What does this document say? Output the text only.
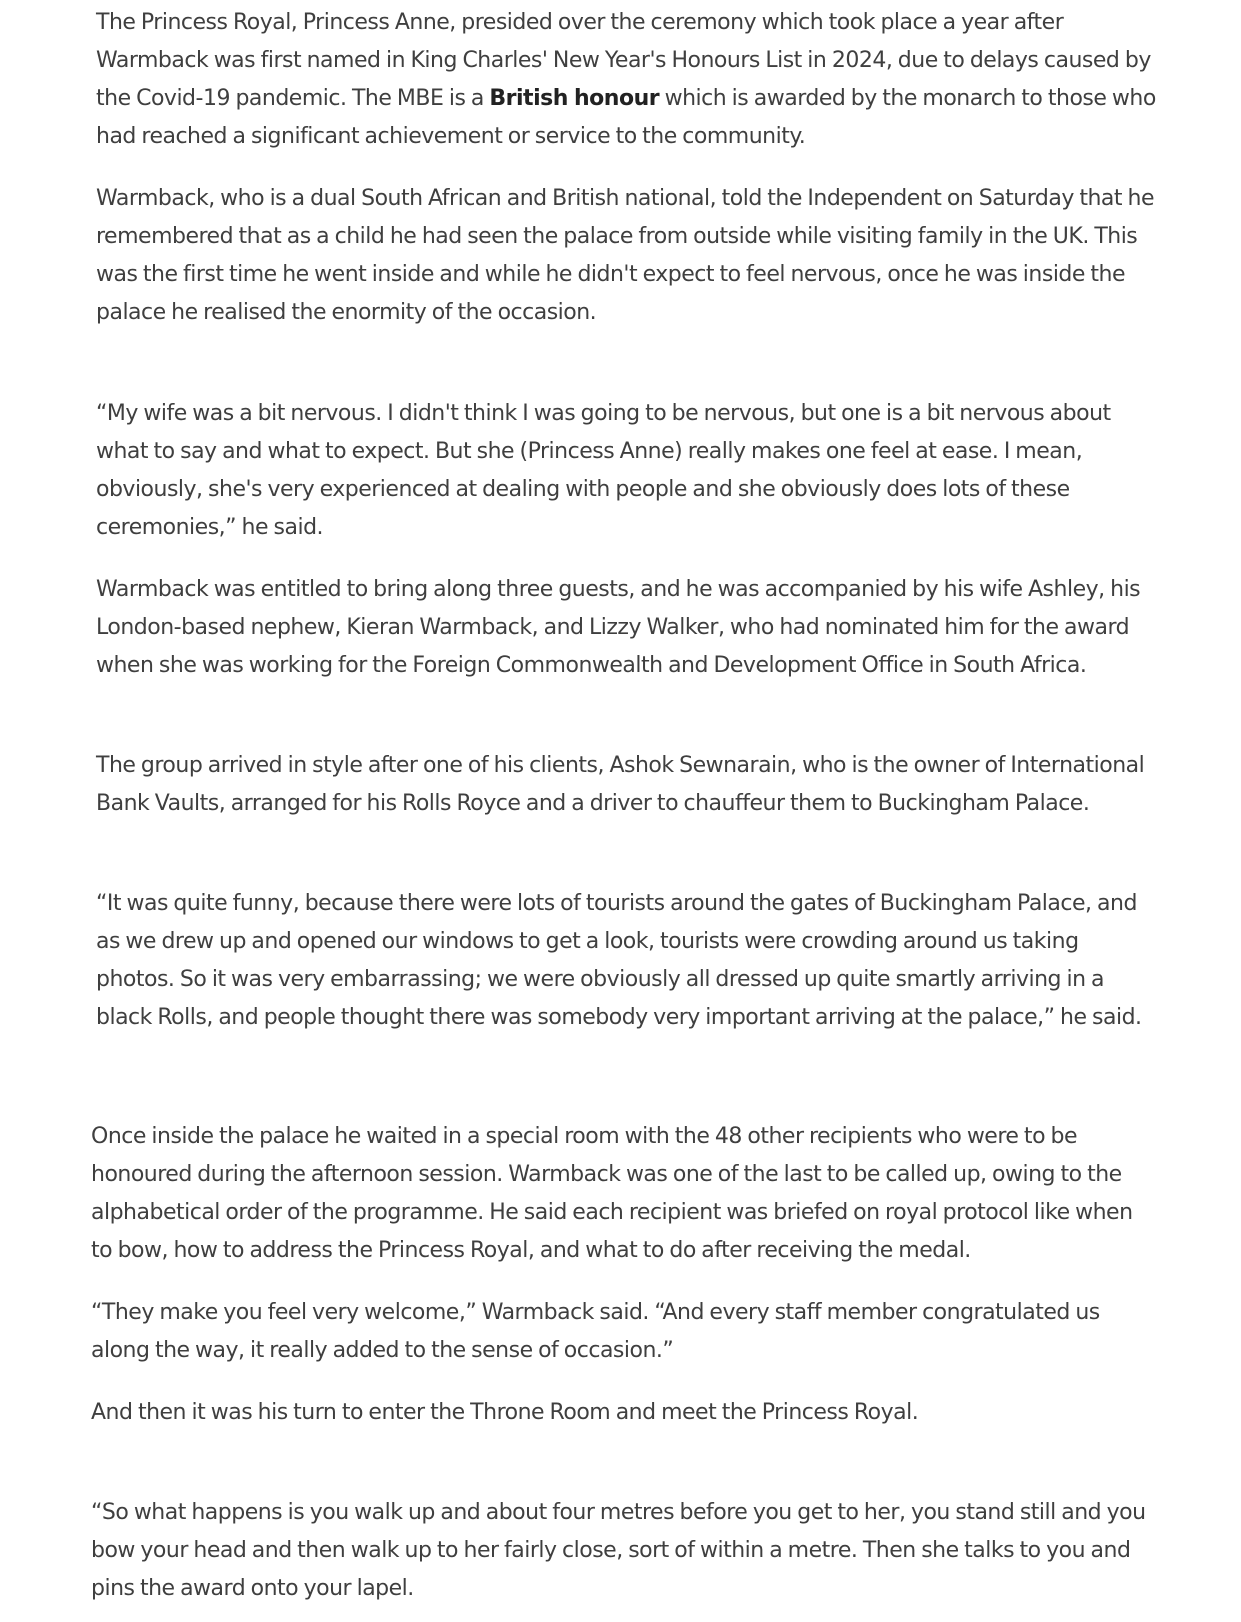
The Princess Royal, Princess Anne, presided over the ceremony which took place a year after Warmback was first named in King Charles' New Year's Honours List in 2024, due to delays caused by the Covid-19 pandemic. The MBE is a British honour which is awarded by the monarch to those who had reached a significant achievement or service to the community.

Warmback, who is a dual South African and British national, told the Independent on Saturday that he remembered that as a child he had seen the palace from outside while visiting family in the UK. This was the first time he went inside and while he didn't expect to feel nervous, once he was inside the palace he realised the enormity of the occasion.

“My wife was a bit nervous. I didn't think I was going to be nervous, but one is a bit nervous about what to say and what to expect. But she (Princess Anne) really makes one feel at ease. I mean, obviously, she's very experienced at dealing with people and she obviously does lots of these ceremonies,” he said.

Warmback was entitled to bring along three guests, and he was accompanied by his wife Ashley, his London-based nephew, Kieran Warmback, and Lizzy Walker, who had nominated him for the award when she was working for the Foreign Commonwealth and Development Office in South Africa.

The group arrived in style after one of his clients, Ashok Sewnarain, who is the owner of International Bank Vaults, arranged for his Rolls Royce and a driver to chauffeur them to Buckingham Palace.

“It was quite funny, because there were lots of tourists around the gates of Buckingham Palace, and as we drew up and opened our windows to get a look, tourists were crowding around us taking photos. So it was very embarrassing; we were obviously all dressed up quite smartly arriving in a black Rolls, and people thought there was somebody very important arriving at the palace,” he said.

Once inside the palace he waited in a special room with the 48 other recipients who were to be honoured during the afternoon session. Warmback was one of the last to be called up, owing to the alphabetical order of the programme. He said each recipient was briefed on royal protocol like when to bow, how to address the Princess Royal, and what to do after receiving the medal.

“They make you feel very welcome,” Warmback said. “And every staff member congratulated us along the way, it really added to the sense of occasion.”

And then it was his turn to enter the Throne Room and meet the Princess Royal.

“So what happens is you walk up and about four metres before you get to her, you stand still and you bow your head and then walk up to her fairly close, sort of within a metre. Then she talks to you and pins the award onto your lapel.
